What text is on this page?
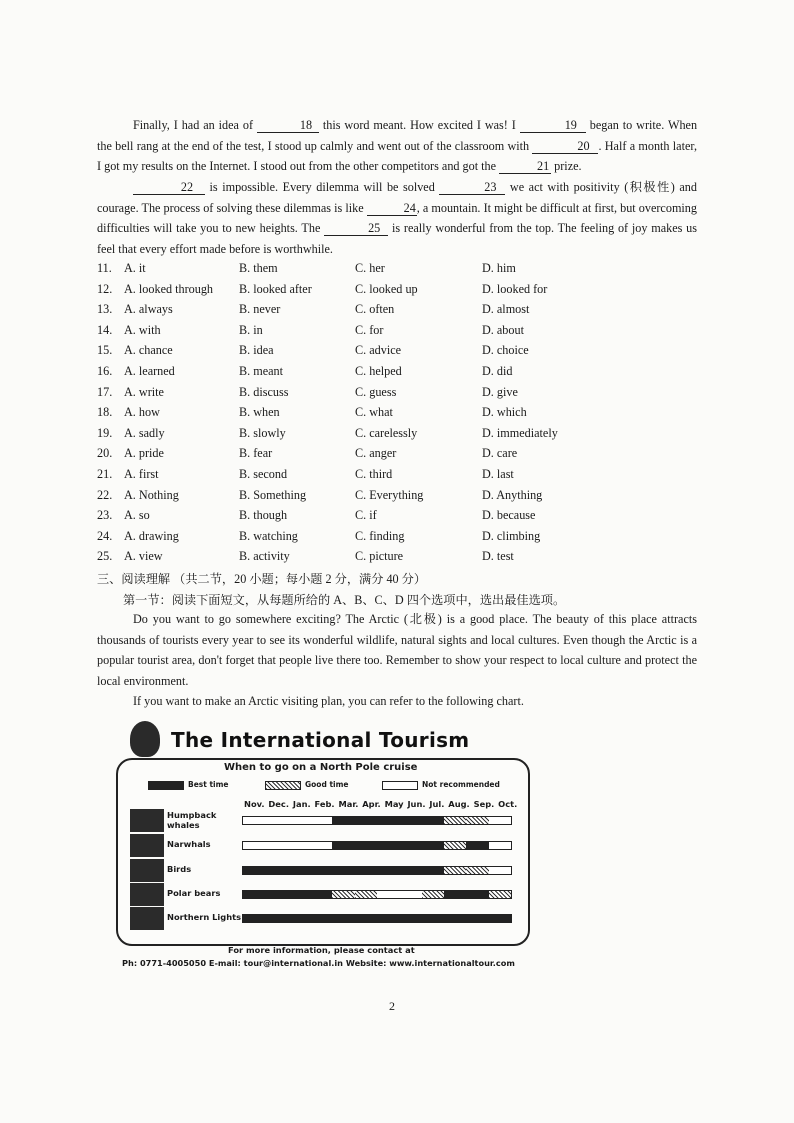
Finally, I had an idea of	18 this word meant. How excited I was! I	19 began to write. When the bell rang at the end of the test, I stood up calmly and went out of the classroom with	20 . Half a month later, I got my results on the Internet. I stood out from the other competitors and got the	21 prize.
22 is impossible. Every dilemma will be solved	23 we act with positivity (积极性) and courage. The process of solving these dilemmas is like	24, a mountain. It might be difficult at first, but overcoming difficulties will take you to new heights. The	25 is really wonderful from the top. The feeling of joy makes us feel that every effort made before is worthwhile.
11. A. it	B. them	C. her	D. him
12. A. looked through B. looked after	C. looked up	D. looked for
13. A. always	B. never	C. often	D. almost
14. A. with	B. in	C. for	D. about
15. A. chance	B. idea	C. advice	D. choice
16. A. learned	B. meant	C. helped	D. did
17. A. write	B. discuss	C. guess	D. give
18. A. how	B. when	C. what	D. which
19. A. sadly	B. slowly	C. carelessly	D. immediately
20. A. pride	B. fear	C. anger	D. care
21. A. first	B. second	C. third	D. last
22. A. Nothing	B. Something	C. Everything	D. Anything
23. A. so	B. though	C. if	D. because
24. A. drawing	B. watching	C. finding	D. climbing
25. A. view	B. activity	C. picture	D. test
三、阅读理解 （共二节，20 小题；每小题 2 分，满分 40 分）
第一节：阅读下面短文，从每题所给的 A、B、C、D 四个选项中，选出最佳选项。
Do you want to go somewhere exciting? The Arctic (北极) is a good place. The beauty of this place attracts thousands of tourists every year to see its wonderful wildlife, natural sights and local cultures. Even though the Arctic is a popular tourist area, don't forget that people live there too. Remember to show your respect to local culture and protect the local environment.
If you want to make an Arctic visiting plan, you can refer to the following chart.
The International Tourism
When to go on a North Pole cruise
Best time	Good time	Not recommended
Nov. Dec. Jan. Feb. Mar. Apr. May Jun. Jul. Aug. Sep. Oct.
Humpback
whales
Narwhals
Birds
Polar bears
Northern Lights
For more information, please contact at
Ph: 0771-4005050 E-mail: tour@international.in Website: www.internationaltour.com
2
